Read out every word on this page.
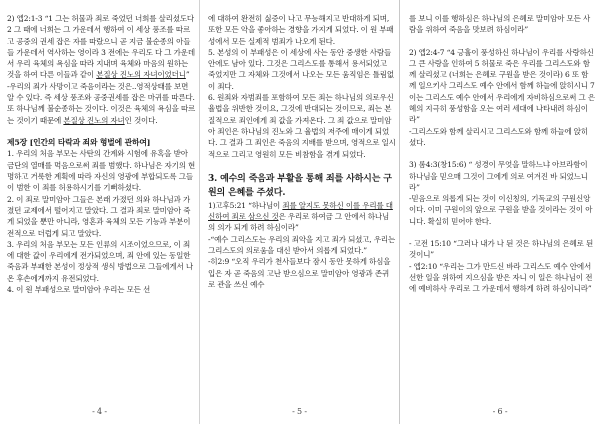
2) 엡2:1-3 “1 그는 허물과 죄로 죽었던 너희를 살리셨도다 2 그 때에 너희는 그 가운데서 행하여 이 세상 풍조를 따르고 공중의 권세 잡은 자를 따랐으니 곧 지금 불순종의 아들들 가운데서 역사하는 영이라 3 전에는 우리도 다 그 가운데서 우리 육체의 욕심을 따라 지내며 육체와 마음의 원하는 것을 하여 다른 이들과 같이 본질상 진노의 자녀이었더니”

-우리의 죄가 사망이고 죽음이라는 것은..영적상태를 보면 알 수 있다. 즉 세상 풍조와 공중권세를 잡은 마귀를 따른다. 또 하나님께 불순종하는 것이다. 이것은 육체의 욕심을 따르는 것이기 때문에 본질상 진노의 자녀인 것이다.

제5장 [인간의 타락과 죄와 형벌에 관하여]

1. 우리의 처음 부모는 사탄의 간계와 시험에 유혹을 받아 금단의 열매를 먹음으로써 죄를 범했다. 하나님은 자기의 현명하고 거룩한 계획에 따라 자신의 영광에 부합되도록 그들이 범한 이 죄를 허용하시기를 기뻐하셨다.

2. 이 죄로 말미암아 그들은 본래 가졌던 의와 하나님과 가졌던 교제에서 떨어지고 말았다. 그 결과 죄로 말미암아 죽게 되었을 뿐만 아니라, 영혼과 육체의 모든 기능과 부분이 전적으로 더럽게 되고 말았다.

3. 우리의 처음 부모는 모든 인류의 시조이었으므로, 이 죄에 대한 값이 우리에게 전가되었으며, 죄 안에 있는 동일한 죽음과 부패한 본성이 정상적 생식 방법으로 그들에게서 나온 후손에게까지 유전되었다.

4. 이 원 부패성으로 말미암아 우리는 모든 선

- 4 -

에 대하여 완전히 싫증이 나고 무능해지고 반대하게 되며, 또한 모든 악을 좋아하는 경향을 가지게 되었다. 이 원 부패성에서 모든 실제적 범죄가 나오게 된다.

5. 본성의 이 부패성은 이 세상에 사는 동안 중생한 사람들 안에도 남아 있다. 그것은 그리스도를 통해서 용서되었고 죽었지만 그 자체와 그것에서 나오는 모든 움직임은 틀림없이 죄다.

6. 원죄와 자범죄를 포함하여 모든 죄는 하나님의 의로우신 율법을 위반한 것이요, 그것에 반대되는 것이므로, 죄는 본질적으로 죄인에게 죄 값을 가져온다. 그 죄 값으로 말미암아 죄인은 하나님의 진노와 그 율법의 저주에 매이게 되었다. 그 결과 그 죄인은 죽음의 지배를 받으며, 영적으로 일시적으로 그리고 영원히 모든 비참함을 겪게 되었다.

3. 예수의 죽음과 부활을 통해 죄를 사하시는 구원의 은혜를 주셨다.

1)고후5:21 “하나님이 죄를 알지도 못하신 이를 우리를 대신하여 죄로 삼으신 것은 우리로 하여금 그 안에서 하나님의 의가 되게 하려 하심이라”

-“예수 그리스도는 우리의 죄악을 지고 죄가 되셨고, 우리는 그리스도의 의로움을 대신 받아서 의롭게 되었다.”

-히2:9 “오직 우리가 천사들보다 잠시 동안 못하게 하심을 입은 자 곧 죽음의 고난 받으심으로 말미암아 영광과 존귀로 관을 쓰신 예수

- 5 -

를 보니 이를 행하심은 하나님의 은혜로 말미암아 모든 사람을 위하여 죽음을 맛보려 하심이라”

2) 엡2:4-7 “4 긍휼이 풍성하신 하나님이 우리를 사랑하신 그 큰 사랑을 인하여 5 허물로 죽은 우리를 그리스도와 함께 살리셨고 (너희는 은혜로 구원을 받은 것이라) 6 또 함께 일으키사 그리스도 예수 안에서 함께 하늘에 앉히시니 7 이는 그리스도 예수 안에서 우리에게 자비하심으로써 그 은혜의 지극히 풍성함을 오는 여러 세대에 나타내려 하심이라”

-그리스도와 함께 살리시고 그리스도와 함께 하늘에 앉히셨다.

3) 롬4:3(창15:6) “ 성경이 무엇을 말하느냐 아브라함이 하나님을 믿으매 그것이 그에게 의로 여겨진 바 되었느니라”

-믿음으로 의롭게 되는 것이 이신칭의, 기독교의 구원신앙이다. 이미 구원이의 앞으로 구원을 받을 것이라는 것이 아니다. 확실히 믿어야 한다.

- 고전 15:10 “그러나 내가 나 된 것은 하나님의 은혜로 된 것이니”

- 엡2:10 “우리는 그가 만드신 바라 그리스도 예수 안에서 선한 일을 위하여 지으심을 받은 자니 이 일은 하나님이 전에 예비하사 우리로 그 가운데서 행하게 하려 하심이니라”

- 6 -
